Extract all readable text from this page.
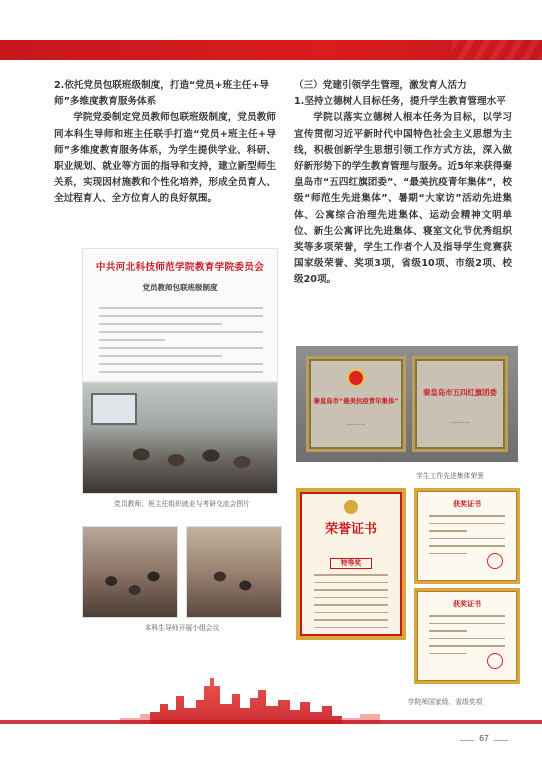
2.依托党员包联班级制度，打造“党员+班主任+导师”多维度教育服务体系
学院党委制定党员教师包联班级制度，党员教师同本科生导师和班主任联手打造“党员+班主任+导师”多维度教育服务体系，为学生提供学业、科研、职业规划、就业等方面的指导和支持，建立新型师生关系，实现因材施教和个性化培养，形成全员育人、全过程育人、全方位育人的良好氛围。
中共河北科技师范学院教育学院委员会
党员教师包联班级制度
党员教师、班主任组织就业与考研交流会图片
本科生导师开展小组会议
（三）党建引领学生管理，激发育人活力
1.坚持立德树人目标任务，提升学生教育管理水平
学院以落实立德树人根本任务为目标，以学习宣传贯彻习近平新时代中国特色社会主义思想为主线，积极创新学生思想引领工作方式方法，深入做好新形势下的学生教育管理与服务。近5年来获得秦皇岛市“五四红旗团委”、“最美抗疫青年集体”，校级“师范生先进集体”、暑期“大家访”活动先进集体、公寓综合治理先进集体、运动会精神文明单位、新生公寓评比先进集体、寝室文化节优秀组织奖等多项荣誉，学生工作者个人及指导学生竞赛获国家级荣誉、奖项3项，省级10项、市级2项、校级20项。
秦皇岛市“最美抗疫青年集体”
————
秦皇岛市五四红旗团委
————
学生工作先进集体荣誉
荣誉证书
特等奖
获奖证书
获奖证书
学院师国家级、省级奖项
67
